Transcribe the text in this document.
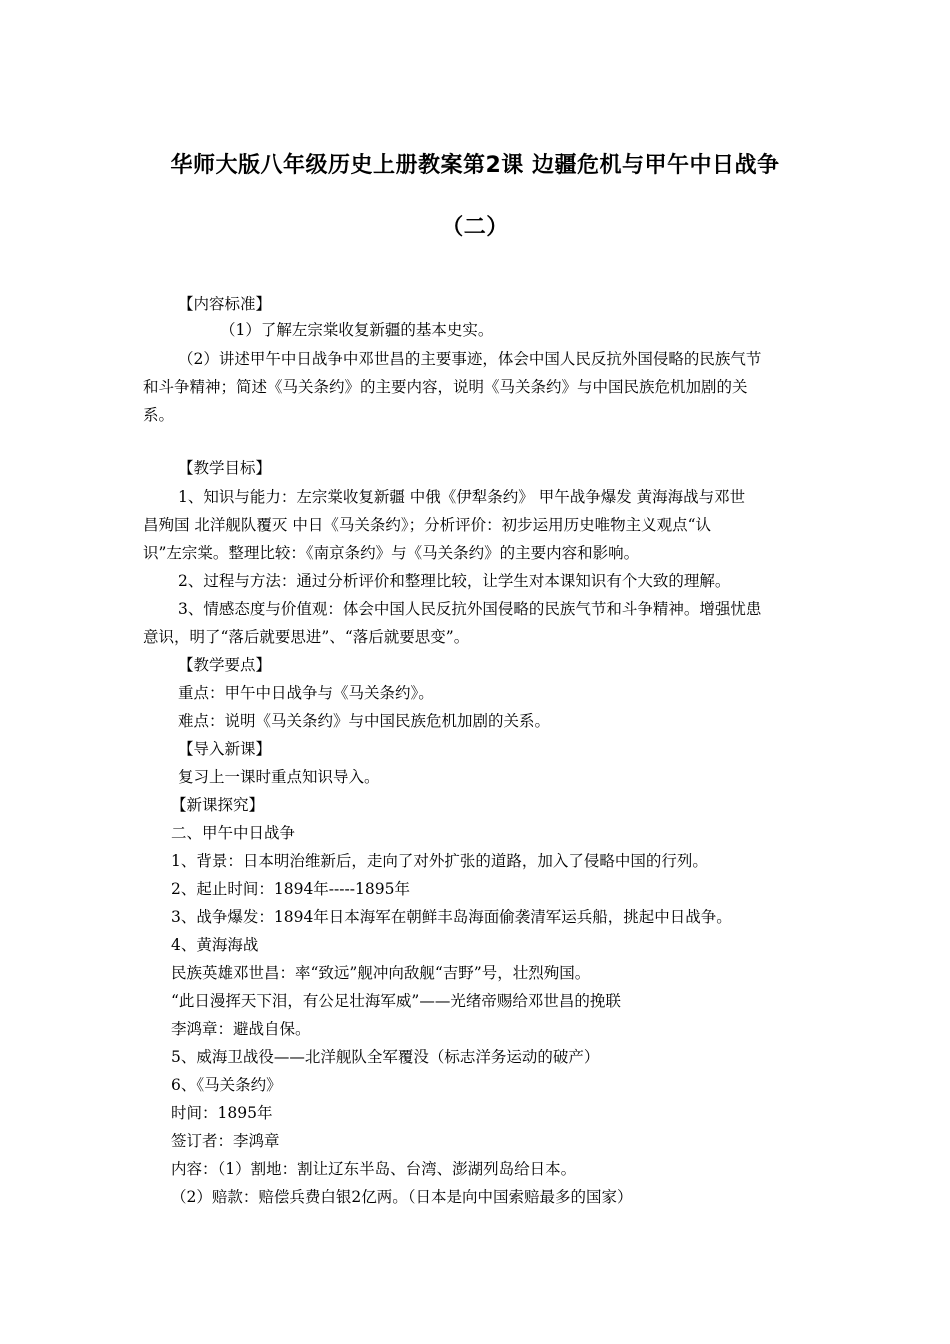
华师大版八年级历史上册教案第2课 边疆危机与甲午中日战争
（二）
【内容标准】
（1）了解左宗棠收复新疆的基本史实。
（2）讲述甲午中日战争中邓世昌的主要事迹，体会中国人民反抗外国侵略的民族气节
和斗争精神；简述《马关条约》的主要内容，说明《马关条约》与中国民族危机加剧的关
系。
【教学目标】
1、知识与能力：左宗棠收复新疆 中俄《伊犁条约》 甲午战争爆发 黄海海战与邓世
昌殉国 北洋舰队覆灭 中日《马关条约》；分析评价：初步运用历史唯物主义观点“认
识”左宗棠。整理比较：《南京条约》与《马关条约》的主要内容和影响。
2、过程与方法：通过分析评价和整理比较，让学生对本课知识有个大致的理解。
3、情感态度与价值观：体会中国人民反抗外国侵略的民族气节和斗争精神。增强忧患
意识，明了“落后就要思进”、“落后就要思变”。
【教学要点】
重点：甲午中日战争与《马关条约》。
难点：说明《马关条约》与中国民族危机加剧的关系。
【导入新课】
复习上一课时重点知识导入。
【新课探究】
二、甲午中日战争
1、背景：日本明治维新后，走向了对外扩张的道路，加入了侵略中国的行列。
2、起止时间：1894年-----1895年
3、战争爆发：1894年日本海军在朝鲜丰岛海面偷袭清军运兵船，挑起中日战争。
4、黄海海战
民族英雄邓世昌：率“致远”舰冲向敌舰“吉野”号，壮烈殉国。
“此日漫挥天下泪，有公足壮海军威”——光绪帝赐给邓世昌的挽联
李鸿章：避战自保。
5、威海卫战役——北洋舰队全军覆没（标志洋务运动的破产）
6、《马关条约》
时间：1895年
签订者：李鸿章
内容：（1）割地：割让辽东半岛、台湾、澎湖列岛给日本。
（2）赔款：赔偿兵费白银2亿两。（日本是向中国索赔最多的国家）
